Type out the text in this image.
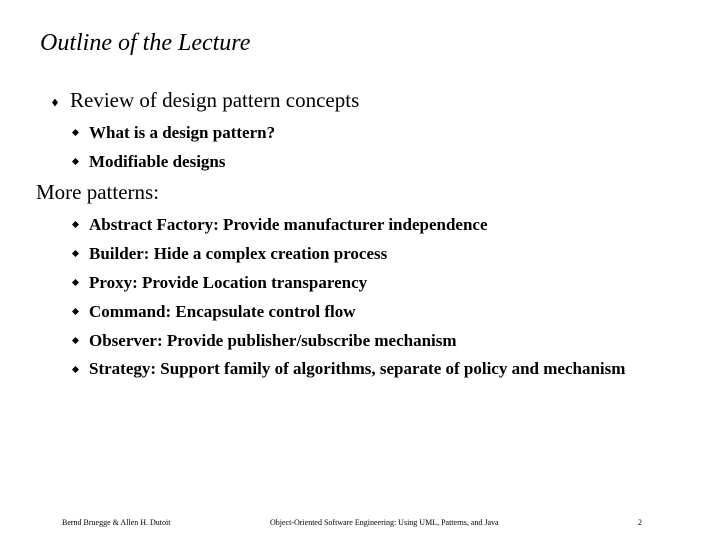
Outline of the Lecture
Review of design pattern concepts
What is a design pattern?
Modifiable designs
More patterns:
Abstract Factory: Provide manufacturer independence
Builder: Hide a complex creation process
Proxy: Provide Location transparency
Command: Encapsulate control flow
Observer: Provide publisher/subscribe mechanism
Strategy: Support family of algorithms, separate of policy and mechanism
Bernd Bruegge & Allen H. Dutoit	Object-Oriented Software Engineering: Using UML, Patterns, and Java	2
